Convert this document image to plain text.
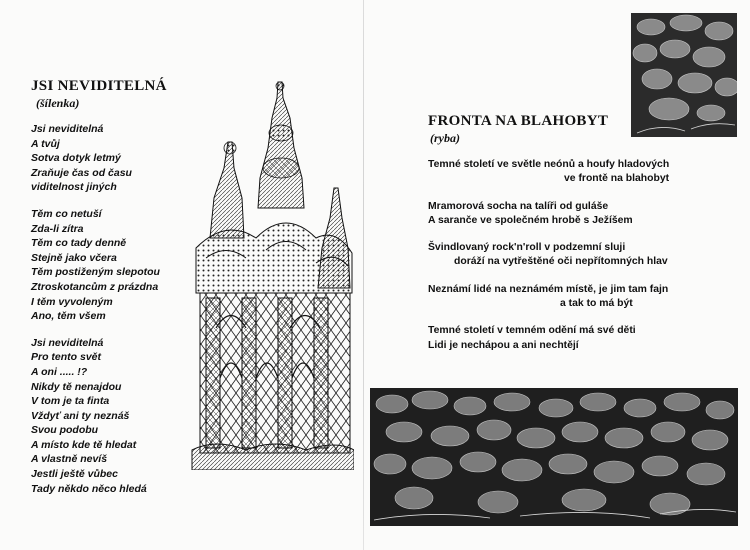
JSI NEVIDITELNÁ
(šílenka)
Jsi neviditelná
A tvůj
Sotva dotyk letmý
Zraňuje čas od času
viditelnost jiných
Těm co netuší
Zda-li zítra
Těm co tady denně
Stejně jako včera
Těm postiženým slepotou
Ztroskotancům z prázdna
I těm vyvoleným
Ano, těm všem
Jsi neviditelná
Pro tento svět
A oni ..... !?
Nikdy tě nenajdou
V tom je ta finta
Vždyť ani ty neznáš
Svou podobu
A místo kde tě hledat
A vlastně nevíš
Jestli ještě vůbec
Tady někdo něco hledá
FRONTA NA BLAHOBYT
(ryba)
Temné století ve světle neónů a houfy hladových
ve frontě na blahobyt
Mramorová socha na talíři od guláše
A saranče ve společném hrobě s Ježíšem
Švindlovaný rock'n'roll v podzemní sluji
doráží na vytřeštěné oči nepřítomných hlav
Neznámí lidé na neznámém místě, je jim tam fajn
a tak to má být
Temné století v temném odění má své děti
Lidi je nechápou a ani nechtějí
